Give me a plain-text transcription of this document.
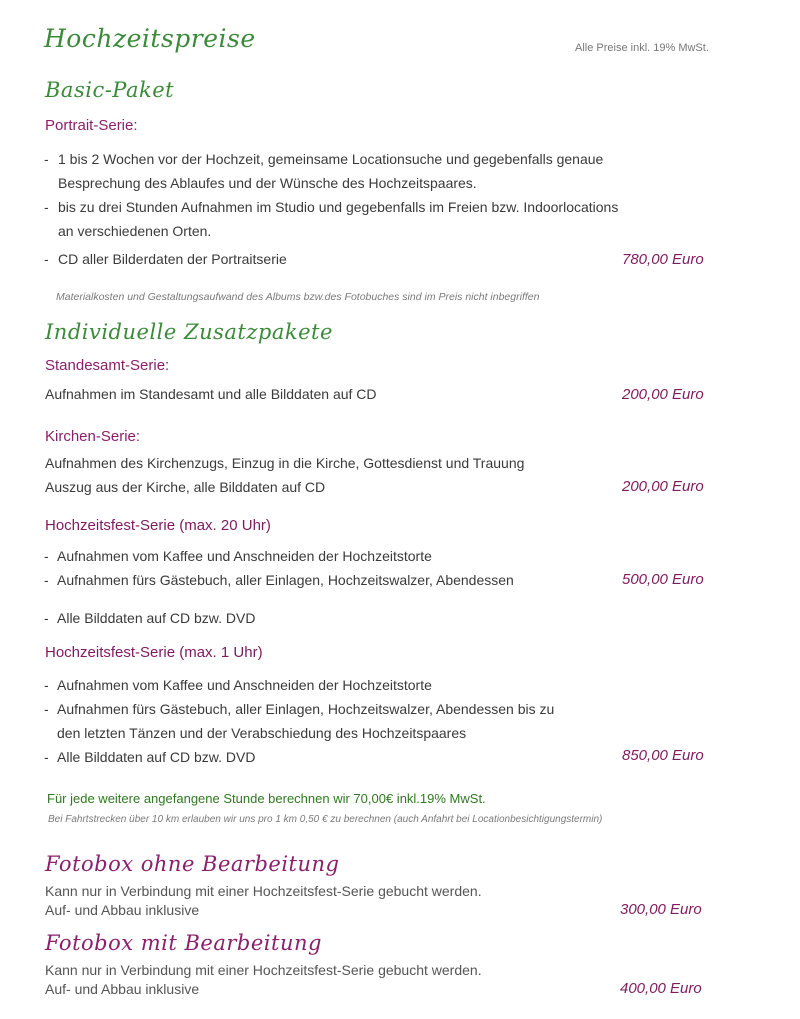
Hochzeitspreise	Alle Preise inkl. 19% MwSt.
Basic-Paket
Portrait-Serie:
- 1 bis 2 Wochen vor der Hochzeit, gemeinsame Locationsuche und gegebenfalls genaue
Besprechung des Ablaufes und der Wünsche des Hochzeitspaares.
- bis zu drei Stunden Aufnahmen im Studio und gegebenfalls im Freien bzw. Indoorlocations
an verschiedenen Orten.
- CD aller Bilderdaten der Portraitserie	780,00 Euro
Materialkosten und Gestaltungsaufwand des Albums bzw.des Fotobuches sind im Preis nicht inbegriffen
Individuelle Zusatzpakete
Standesamt-Serie:
Aufnahmen im Standesamt und alle Bilddaten auf CD	200,00 Euro
Kirchen-Serie:
Aufnahmen des Kirchenzugs, Einzug in die Kirche, Gottesdienst und Trauung
Auszug aus der Kirche, alle Bilddaten auf CD	200,00 Euro
Hochzeitsfest-Serie (max. 20 Uhr)
- Aufnahmen vom Kaffee und Anschneiden der Hochzeitstorte
- Aufnahmen fürs Gästebuch, aller Einlagen, Hochzeitswalzer, Abendessen	500,00 Euro
- Alle Bilddaten auf CD bzw. DVD
Hochzeitsfest-Serie (max. 1 Uhr)
- Aufnahmen vom Kaffee und Anschneiden der Hochzeitstorte
- Aufnahmen fürs Gästebuch, aller Einlagen, Hochzeitswalzer, Abendessen bis zu
den letzten Tänzen und der Verabschiedung des Hochzeitspaares
- Alle Bilddaten auf CD bzw. DVD	850,00 Euro
Für jede weitere angefangene Stunde berechnen wir 70,00€ inkl.19% MwSt.
Bei Fahrtstrecken über 10 km erlauben wir uns pro 1 km 0,50 € zu berechnen (auch Anfahrt bei Locationbesichtigungstermin)
Fotobox ohne Bearbeitung
Kann nur in Verbindung mit einer Hochzeitsfest-Serie gebucht werden.
Auf- und Abbau inklusive	300,00 Euro
Fotobox mit Bearbeitung
Kann nur in Verbindung mit einer Hochzeitsfest-Serie gebucht werden.
Auf- und Abbau inklusive	400,00 Euro
